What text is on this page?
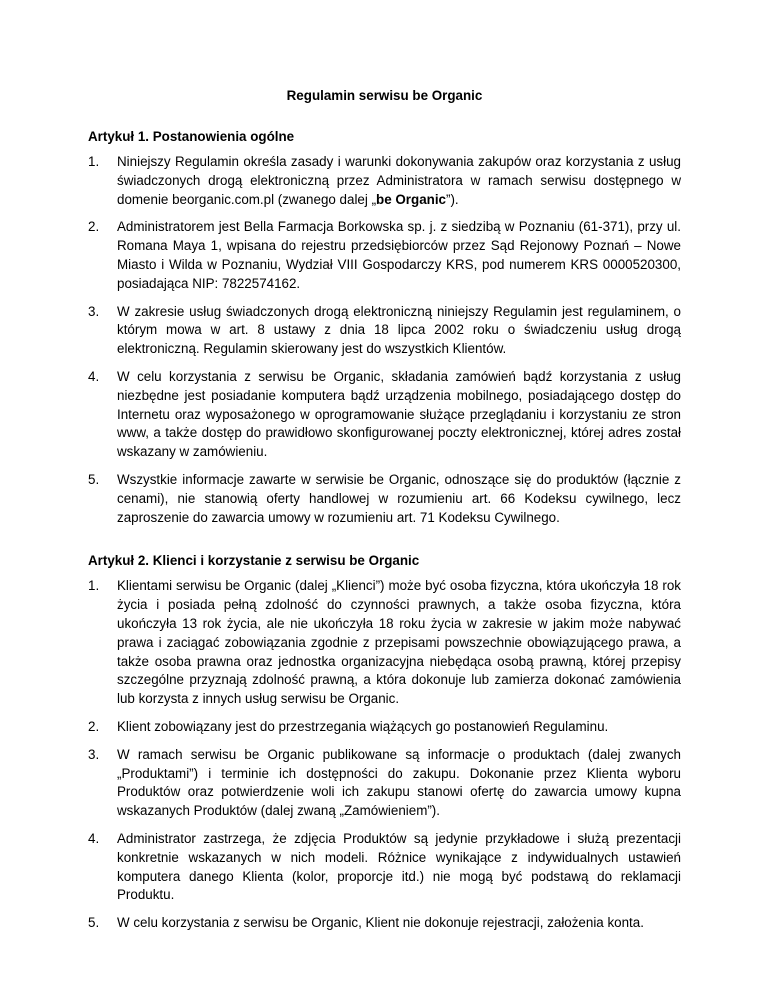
Regulamin serwisu be Organic
Artykuł 1. Postanowienia ogólne
1. Niniejszy Regulamin określa zasady i warunki dokonywania zakupów oraz korzystania z usług świadczonych drogą elektroniczną przez Administratora w ramach serwisu dostępnego w domenie beorganic.com.pl (zwanego dalej „be Organic”).
2. Administratorem jest Bella Farmacja Borkowska sp. j. z siedzibą w Poznaniu (61-371), przy ul. Romana Maya 1, wpisana do rejestru przedsiębiorców przez Sąd Rejonowy Poznań – Nowe Miasto i Wilda w Poznaniu, Wydział VIII Gospodarczy KRS, pod numerem KRS 0000520300, posiadająca NIP: 7822574162.
3. W zakresie usług świadczonych drogą elektroniczną niniejszy Regulamin jest regulaminem, o którym mowa w art. 8 ustawy z dnia 18 lipca 2002 roku o świadczeniu usług drogą elektroniczną. Regulamin skierowany jest do wszystkich Klientów.
4. W celu korzystania z serwisu be Organic, składania zamówień bądź korzystania z usług niezbędne jest posiadanie komputera bądź urządzenia mobilnego, posiadającego dostęp do Internetu oraz wyposażonego w oprogramowanie służące przeglądaniu i korzystaniu ze stron www, a także dostęp do prawidłowo skonfigurowanej poczty elektronicznej, której adres został wskazany w zamówieniu.
5. Wszystkie informacje zawarte w serwisie be Organic, odnoszące się do produktów (łącznie z cenami), nie stanowią oferty handlowej w rozumieniu art. 66 Kodeksu cywilnego, lecz zaproszenie do zawarcia umowy w rozumieniu art. 71 Kodeksu Cywilnego.
Artykuł 2. Klienci i korzystanie z serwisu be Organic
1. Klientami serwisu be Organic (dalej „Klienci”) może być osoba fizyczna, która ukończyła 18 rok życia i posiada pełną zdolność do czynności prawnych, a także osoba fizyczna, która ukończyła 13 rok życia, ale nie ukończyła 18 roku życia w zakresie w jakim może nabywać prawa i zaciągać zobowiązania zgodnie z przepisami powszechnie obowiązującego prawa, a także osoba prawna oraz jednostka organizacyjna niebędąca osobą prawną, której przepisy szczególne przyznają zdolność prawną, a która dokonuje lub zamierza dokonać zamówienia lub korzysta z innych usług serwisu be Organic.
2. Klient zobowiązany jest do przestrzegania wiążących go postanowień Regulaminu.
3. W ramach serwisu be Organic publikowane są informacje o produktach (dalej zwanych „Produktami”) i terminie ich dostępności do zakupu. Dokonanie przez Klienta wyboru Produktów oraz potwierdzenie woli ich zakupu stanowi ofertę do zawarcia umowy kupna wskazanych Produktów (dalej zwaną „Zamówieniem”).
4. Administrator zastrzega, że zdjęcia Produktów są jedynie przykładowe i służą prezentacji konkretnie wskazanych w nich modeli. Różnice wynikające z indywidualnych ustawień komputera danego Klienta (kolor, proporcje itd.) nie mogą być podstawą do reklamacji Produktu.
5. W celu korzystania z serwisu be Organic, Klient nie dokonuje rejestracji, założenia konta.
